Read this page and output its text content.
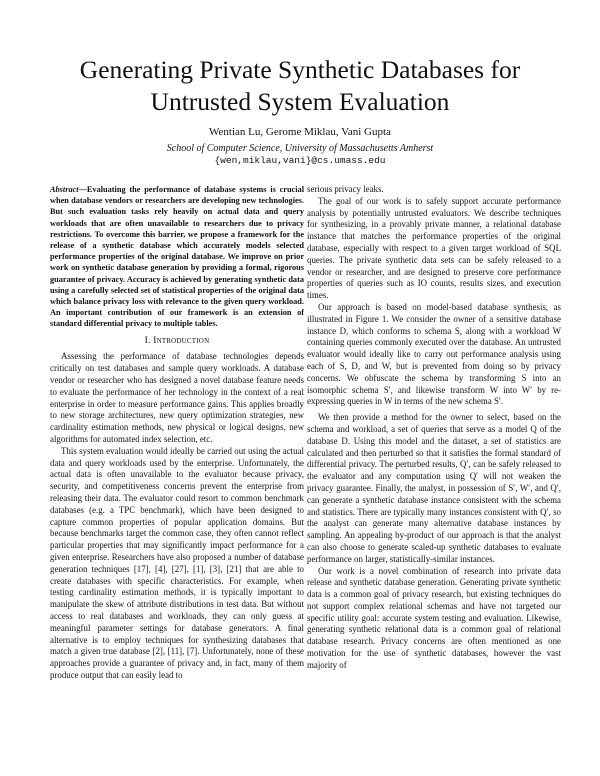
Generating Private Synthetic Databases for
Untrusted System Evaluation
Wentian Lu, Gerome Miklau, Vani Gupta
School of Computer Science, University of Massachusetts Amherst
{wen,miklau,vani}@cs.umass.edu

Abstract—Evaluating the performance of database systems is crucial when database vendors or researchers are developing new technologies. But such evaluation tasks rely heavily on actual data and query workloads that are often unavailable to researchers due to privacy restrictions. To overcome this barrier, we propose a framework for the release of a synthetic database which accurately models selected performance properties of the original database. We improve on prior work on synthetic database generation by providing a formal, rigorous guarantee of privacy. Accuracy is achieved by generating synthetic data using a carefully selected set of statistical properties of the original data which balance privacy loss with relevance to the given query workload. An important contribution of our framework is an extension of standard differential privacy to multiple tables.

I. Introduction

Assessing the performance of database technologies depends critically on test databases and sample query workloads. A database vendor or researcher who has designed a novel database feature needs to evaluate the performance of her technology in the context of a real enterprise in order to measure performance gains. This applies broadly to new storage architectures, new query optimization strategies, new cardinality estimation methods, new physical or logical designs, new algorithms for automated index selection, etc.

This system evaluation would ideally be carried out using the actual data and query workloads used by the enterprise. Unfortunately, the actual data is often unavailable to the evaluator because privacy, security, and competitiveness concerns prevent the enterprise from releasing their data. The evaluator could resort to common benchmark databases (e.g. a TPC benchmark), which have been designed to capture common properties of popular application domains. But because benchmarks target the common case, they often cannot reflect particular properties that may significantly impact performance for a given enterprise. Researchers have also proposed a number of database generation techniques [17], [4], [27], [1], [3], [21] that are able to create databases with specific characteristics. For example, when testing cardinality estimation methods, it is typically important to manipulate the skew of attribute distributions in test data. But without access to real databases and workloads, they can only guess at meaningful parameter settings for database generators. A final alternative is to employ techniques for synthesizing databases that match a given true database [2], [11], [7]. Unfortunately, none of these approaches provide a guarantee of privacy and, in fact, many of them produce output that can easily lead to

serious privacy leaks.

The goal of our work is to safely support accurate performance analysis by potentially untrusted evaluators. We describe techniques for synthesizing, in a provably private manner, a relational database instance that matches the performance properties of the original database, especially with respect to a given target workload of SQL queries. The private synthetic data sets can be safely released to a vendor or researcher, and are designed to preserve core performance properties of queries such as IO counts, results sizes, and execution times.

Our approach is based on model-based database synthesis, as illustrated in Figure 1. We consider the owner of a sensitive database instance D, which conforms to schema S, along with a workload W containing queries commonly executed over the database. An untrusted evaluator would ideally like to carry out performance analysis using each of S, D, and W, but is prevented from doing so by privacy concerns. We obfuscate the schema by transforming S into an isomorphic schema S′, and likewise transform W into W′ by re-expressing queries in W in terms of the new schema S′.

We then provide a method for the owner to select, based on the schema and workload, a set of queries that serve as a model Q of the database D. Using this model and the dataset, a set of statistics are calculated and then perturbed so that it satisfies the formal standard of differential privacy. The perturbed results, Q′, can be safely released to the evaluator and any computation using Q′ will not weaken the privacy guarantee. Finally, the analyst, in possession of S′, W′, and Q′, can generate a synthetic database instance consistent with the schema and statistics. There are typically many instances consistent with Q′, so the analyst can generate many alternative database instances by sampling. An appealing by-product of our approach is that the analyst can also choose to generate scaled-up synthetic databases to evaluate performance on larger, statistically-similar instances.

Our work is a novel combination of research into private data release and synthetic database generation. Generating private synthetic data is a common goal of privacy research, but existing techniques do not support complex relational schemas and have not targeted our specific utility goal: accurate system testing and evaluation. Likewise, generating synthetic relational data is a common goal of relational database research. Privacy concerns are often mentioned as one motivation for the use of synthetic databases, however the vast majority of
